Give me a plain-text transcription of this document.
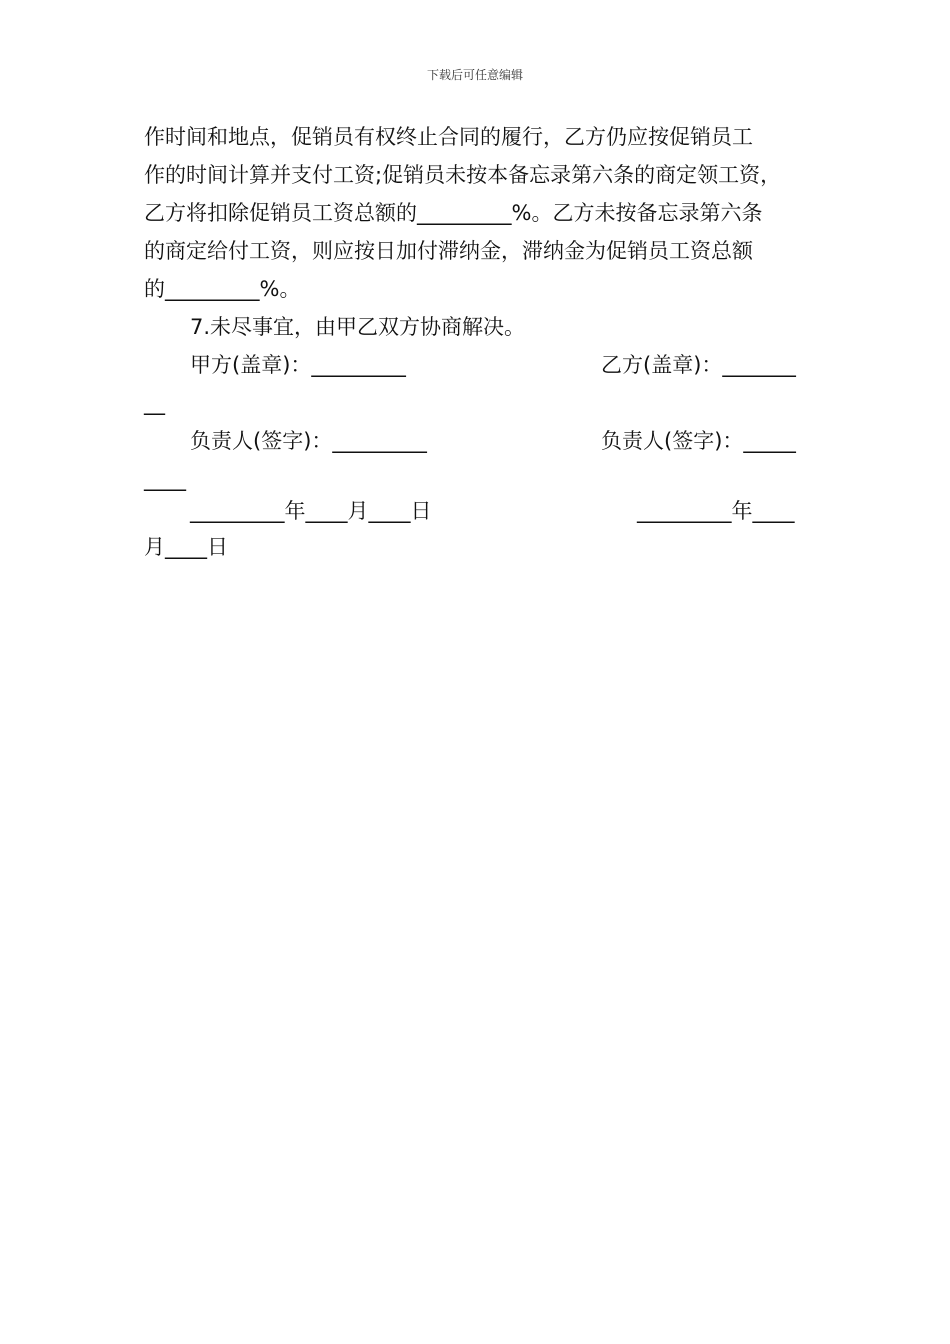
下载后可任意编辑
作时间和地点，促销员有权终止合同的履行，乙方仍应按促销员工
作的时间计算并支付工资;促销员未按本备忘录第六条的商定领工资，
乙方将扣除促销员工资总额的_________%。乙方未按备忘录第六条
的商定给付工资，则应按日加付滞纳金，滞纳金为促销员工资总额
的_________%。
7.未尽事宜，由甲乙双方协商解决。
甲方(盖章)：_________	乙方(盖章)：_______
__
负责人(签字)：_________	负责人(签字)：_____
____
_________年____月____日	_________年____
月____日
